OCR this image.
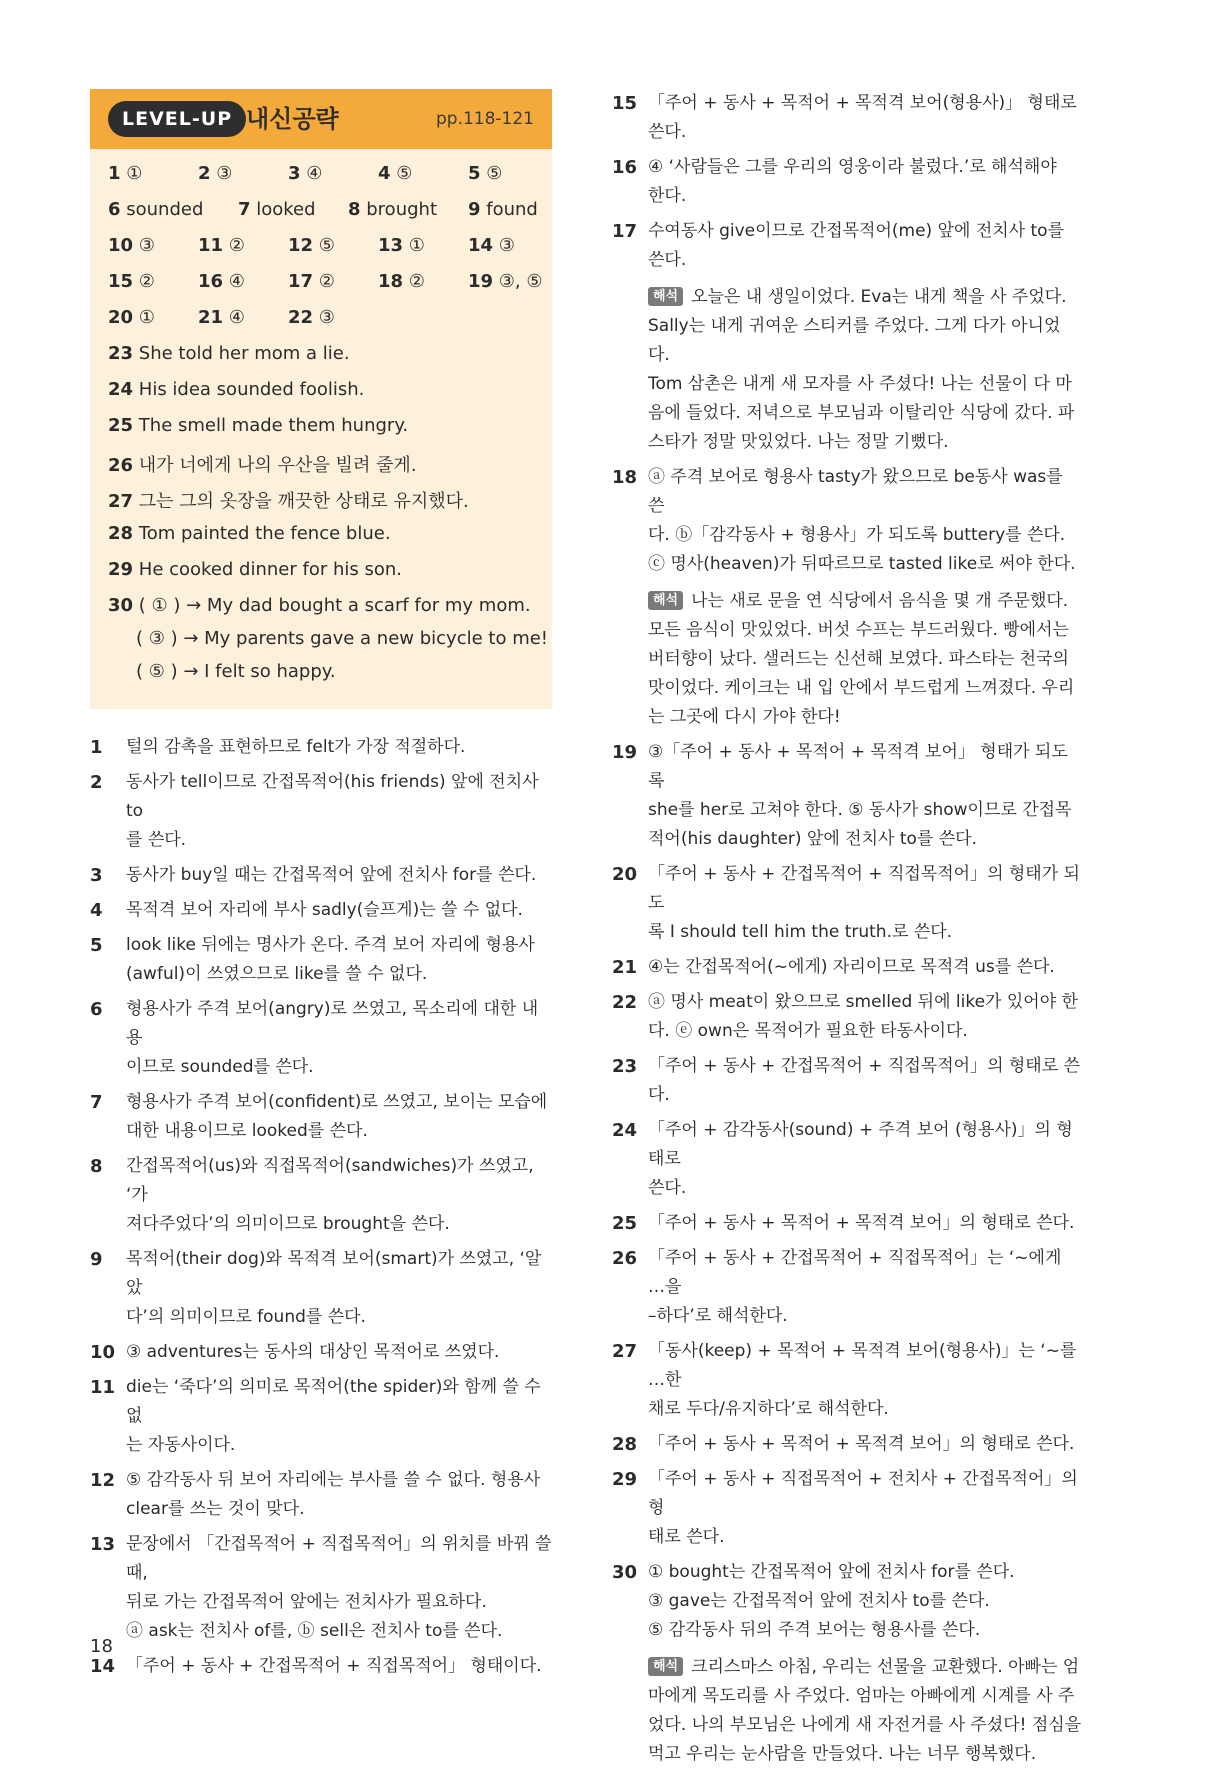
LEVEL-UP 내신공략	pp.118-121
1 ①	2 ③	3 ④	4 ⑤	5 ⑤
6 sounded 7 looked 8 brought 9 found
10 ③ 11 ② 12 ⑤ 13 ① 14 ③
15 ② 16 ④ 17 ② 18 ② 19 ③, ⑤
20 ① 21 ④ 22 ③
23 She told her mom a lie.
24 His idea sounded foolish.
25 The smell made them hungry.
26 내가 너에게 나의 우산을 빌려 줄게.
27 그는 그의 옷장을 깨끗한 상태로 유지했다.
28 Tom painted the fence blue.
29 He cooked dinner for his son.
30 ( ① ) → My dad bought a scarf for my mom.
( ③ ) → My parents gave a new bicycle to me!
( ⑤ ) → I felt so happy.
1	털의 감촉을 표현하므로 felt가 가장 적절하다.
2	동사가 tell이므로 간접목적어(his friends) 앞에 전치사 to
를 쓴다.
3	동사가 buy일 때는 간접목적어 앞에 전치사 for를 쓴다.
4	목적격 보어 자리에 부사 sadly(슬프게)는 쓸 수 없다.
5	look like 뒤에는 명사가 온다. 주격 보어 자리에 형용사
(awful)이 쓰였으므로 like를 쓸 수 없다.
6	형용사가 주격 보어(angry)로 쓰였고, 목소리에 대한 내용
이므로 sounded를 쓴다.
7	형용사가 주격 보어(confident)로 쓰였고, 보이는 모습에
대한 내용이므로 looked를 쓴다.
8	간접목적어(us)와 직접목적어(sandwiches)가 쓰였고, ‘가
져다주었다’의 의미이므로 brought을 쓴다.
9	목적어(their dog)와 목적격 보어(smart)가 쓰였고, ‘알았
다’의 의미이므로 found를 쓴다.
10 ③ adventures는 동사의 대상인 목적어로 쓰였다.
11 die는 ‘죽다’의 의미로 목적어(the spider)와 함께 쓸 수 없
는 자동사이다.
12 ⑤ 감각동사 뒤 보어 자리에는 부사를 쓸 수 없다. 형용사
clear를 쓰는 것이 맞다.
13 문장에서 「간접목적어 + 직접목적어」의 위치를 바꿔 쓸 때,
뒤로 가는 간접목적어 앞에는 전치사가 필요하다.
ⓐ ask는 전치사 of를, ⓑ sell은 전치사 to를 쓴다.
14 「주어 + 동사 + 간접목적어 + 직접목적어」 형태이다.
15 「주어 + 동사 + 목적어 + 목적격 보어(형용사)」 형태로 쓴다.
16 ④ ‘사람들은 그를 우리의 영웅이라 불렀다.’로 해석해야
한다.
17 수여동사 give이므로 간접목적어(me) 앞에 전치사 to를
쓴다.
해석 오늘은 내 생일이었다. Eva는 내게 책을 사 주었다.
Sally는 내게 귀여운 스티커를 주었다. 그게 다가 아니었다.
Tom 삼촌은 내게 새 모자를 사 주셨다! 나는 선물이 다 마
음에 들었다. 저녁으로 부모님과 이탈리안 식당에 갔다. 파
스타가 정말 맛있었다. 나는 정말 기뻤다.
18 ⓐ 주격 보어로 형용사 tasty가 왔으므로 be동사 was를 쓴
다. ⓑ「감각동사 + 형용사」가 되도록 buttery를 쓴다.
ⓒ 명사(heaven)가 뒤따르므로 tasted like로 써야 한다.
해석 나는 새로 문을 연 식당에서 음식을 몇 개 주문했다.
모든 음식이 맛있었다. 버섯 수프는 부드러웠다. 빵에서는
버터향이 났다. 샐러드는 신선해 보였다. 파스타는 천국의
맛이었다. 케이크는 내 입 안에서 부드럽게 느껴졌다. 우리
는 그곳에 다시 가야 한다!
19 ③「주어 + 동사 + 목적어 + 목적격 보어」 형태가 되도록
she를 her로 고쳐야 한다. ⑤ 동사가 show이므로 간접목
적어(his daughter) 앞에 전치사 to를 쓴다.
20 「주어 + 동사 + 간접목적어 + 직접목적어」의 형태가 되도
록 I should tell him the truth.로 쓴다.
21 ④는 간접목적어(~에게) 자리이므로 목적격 us를 쓴다.
22 ⓐ 명사 meat이 왔으므로 smelled 뒤에 like가 있어야 한
다. ⓔ own은 목적어가 필요한 타동사이다.
23 「주어 + 동사 + 간접목적어 + 직접목적어」의 형태로 쓴다.
24 「주어 + 감각동사(sound) + 주격 보어 (형용사)」의 형태로
쓴다.
25 「주어 + 동사 + 목적어 + 목적격 보어」의 형태로 쓴다.
26 「주어 + 동사 + 간접목적어 + 직접목적어」는 ‘~에게 …을
–하다’로 해석한다.
27 「동사(keep) + 목적어 + 목적격 보어(형용사)」는 ‘~를 …한
채로 두다/유지하다’로 해석한다.
28 「주어 + 동사 + 목적어 + 목적격 보어」의 형태로 쓴다.
29 「주어 + 동사 + 직접목적어 + 전치사 + 간접목적어」의 형
태로 쓴다.
30 ① bought는 간접목적어 앞에 전치사 for를 쓴다.
③ gave는 간접목적어 앞에 전치사 to를 쓴다.
⑤ 감각동사 뒤의 주격 보어는 형용사를 쓴다.
해석 크리스마스 아침, 우리는 선물을 교환했다. 아빠는 엄
마에게 목도리를 사 주었다. 엄마는 아빠에게 시계를 사 주
었다. 나의 부모님은 나에게 새 자전거를 사 주셨다! 점심을
먹고 우리는 눈사람을 만들었다. 나는 너무 행복했다.
18
